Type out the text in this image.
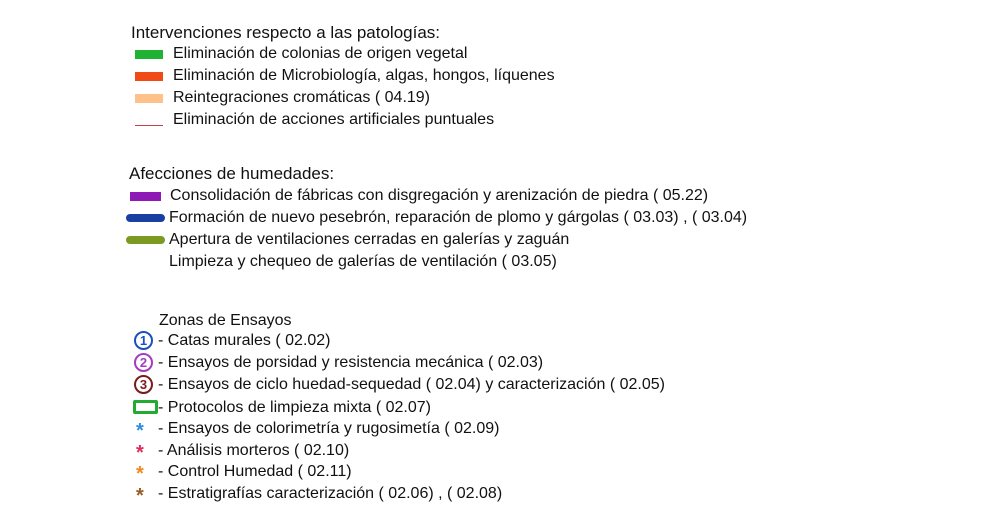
Intervenciones respecto a las patologías:
Eliminación de colonias de origen vegetal
Eliminación de Microbiología, algas, hongos, líquenes
Reintegraciones cromáticas ( 04.19)
Eliminación de acciones artificiales puntuales
Afecciones de humedades:
Consolidación de fábricas con disgregación y arenización de piedra ( 05.22)
Formación de nuevo pesebrón, reparación de plomo y gárgolas ( 03.03) , ( 03.04)
Apertura de ventilaciones cerradas en galerías y zaguán
Limpieza y chequeo de galerías de ventilación ( 03.05)
Zonas de Ensayos
1 - Catas murales ( 02.02)
2 - Ensayos de porsidad y resistencia mecánica ( 02.03)
3 - Ensayos de ciclo huedad-sequedad ( 02.04) y caracterización ( 02.05)
- Protocolos de limpieza mixta ( 02.07)
* - Ensayos de colorimetría y rugosimetía ( 02.09)
* - Análisis morteros ( 02.10)
* - Control Humedad ( 02.11)
* - Estratigrafías caracterización ( 02.06) , ( 02.08)
